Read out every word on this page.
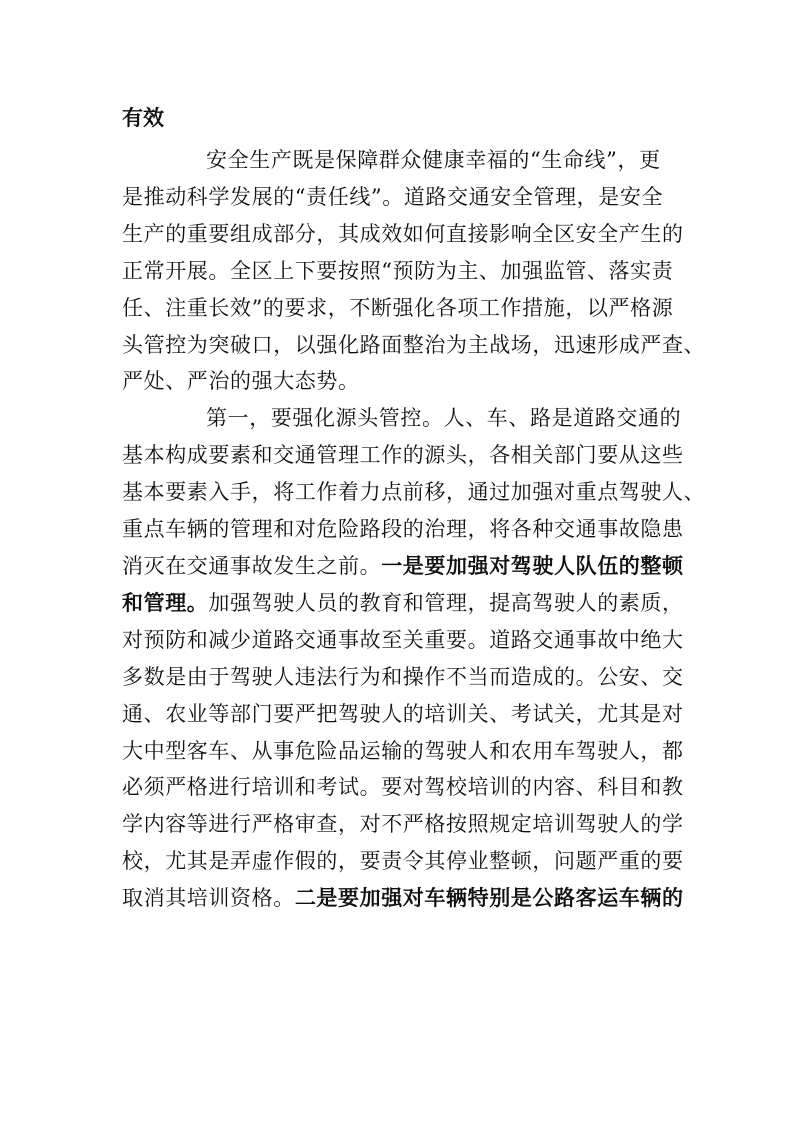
有效
安全生产既是保障群众健康幸福的“生命线”，更
是推动科学发展的“责任线”。道路交通安全管理，是安全
生产的重要组成部分，其成效如何直接影响全区安全产生的
正常开展。全区上下要按照“预防为主、加强监管、落实责
任、注重长效”的要求，不断强化各项工作措施，以严格源
头管控为突破口，以强化路面整治为主战场，迅速形成严查、
严处、严治的强大态势。
第一，要强化源头管控。人、车、路是道路交通的
基本构成要素和交通管理工作的源头，各相关部门要从这些
基本要素入手，将工作着力点前移，通过加强对重点驾驶人、
重点车辆的管理和对危险路段的治理，将各种交通事故隐患
消灭在交通事故发生之前。一是要加强对驾驶人队伍的整顿
和管理。加强驾驶人员的教育和管理，提高驾驶人的素质，
对预防和减少道路交通事故至关重要。道路交通事故中绝大
多数是由于驾驶人违法行为和操作不当而造成的。公安、交
通、农业等部门要严把驾驶人的培训关、考试关，尤其是对
大中型客车、从事危险品运输的驾驶人和农用车驾驶人，都
必须严格进行培训和考试。要对驾校培训的内容、科目和教
学内容等进行严格审查，对不严格按照规定培训驾驶人的学
校，尤其是弄虚作假的，要责令其停业整顿，问题严重的要
取消其培训资格。二是要加强对车辆特别是公路客运车辆的
